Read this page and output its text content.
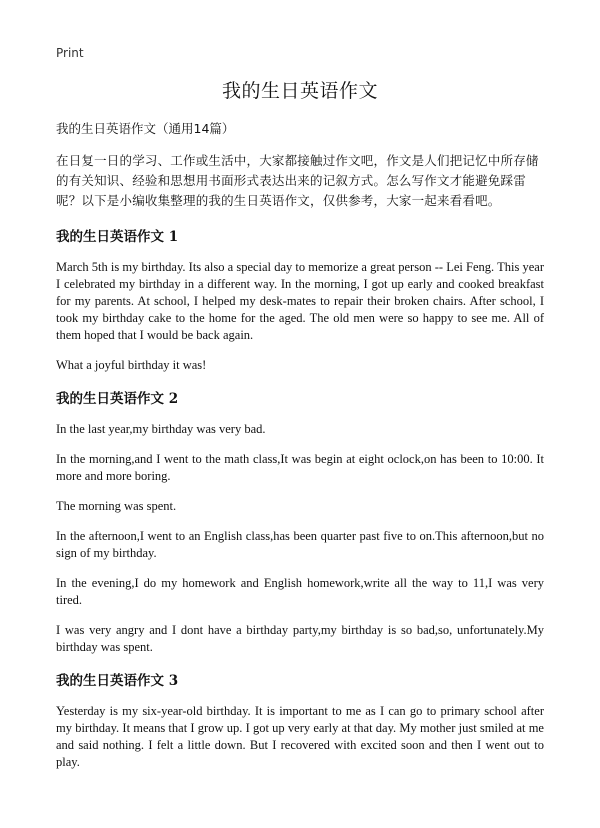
Print
我的生日英语作文

我的生日英语作文（通用14篇）

在日复一日的学习、工作或生活中，大家都接触过作文吧，作文是人们把记忆中所存储的有关知识、经验和思想用书面形式表达出来的记叙方式。怎么写作文才能避免踩雷呢？以下是小编收集整理的我的生日英语作文，仅供参考，大家一起来看看吧。

我的生日英语作文 1

March 5th is my birthday. Its also a special day to memorize a great person -- Lei Feng. This year I celebrated my birthday in a different way. In the morning, I got up early and cooked breakfast for my parents. At school, I helped my desk-mates to repair their broken chairs. After school, I took my birthday cake to the home for the aged. The old men were so happy to see me. All of them hoped that I would be back again.

What a joyful birthday it was!

我的生日英语作文 2

In the last year,my birthday was very bad.

In the morning,and I went to the math class,It was begin at eight oclock,on has been to 10:00. It more and more boring.

The morning was spent.

In the afternoon,I went to an English class,has been quarter past five to on.This afternoon,but no sign of my birthday.

In the evening,I do my homework and English homework,write all the way to 11,I was very tired.

I was very angry and I dont have a birthday party,my birthday is so bad,so, unfortunately.My birthday was spent.

我的生日英语作文 3

Yesterday is my six-year-old birthday. It is important to me as I can go to primary school after my birthday. It means that I grow up. I got up very early at that day. My mother just smiled at me and said nothing. I felt a little down. But I recovered with excited soon and then I went out to play.
